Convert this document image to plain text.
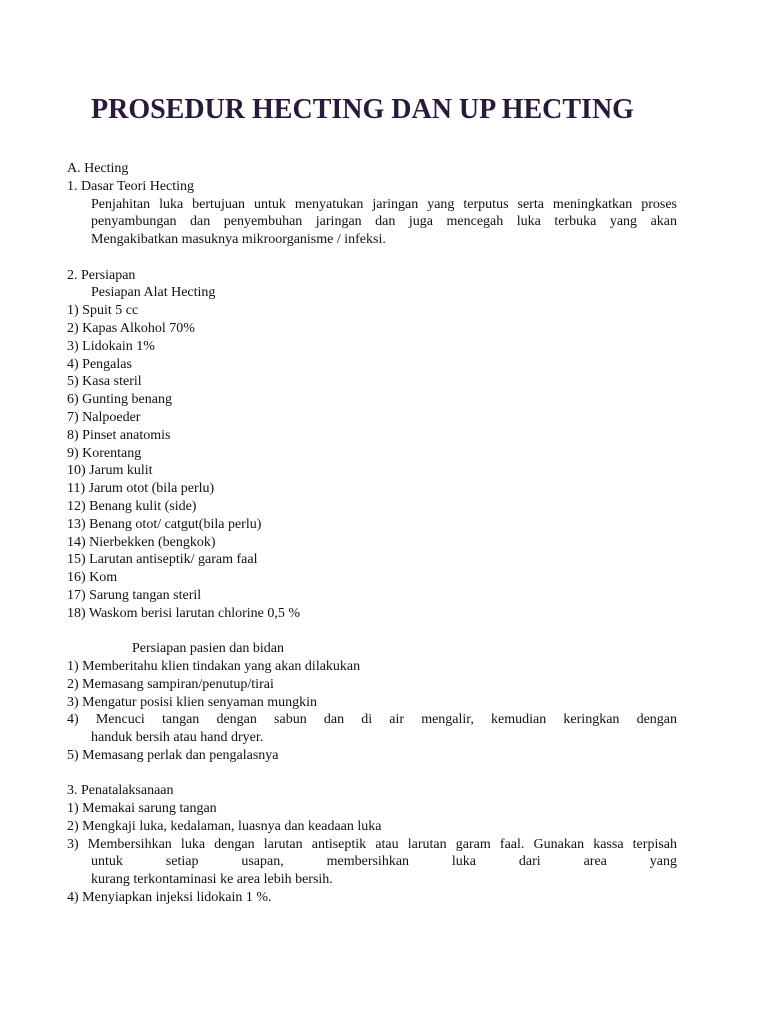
PROSEDUR HECTING DAN UP HECTING
A. Hecting
1. Dasar Teori Hecting
Penjahitan luka bertujuan untuk menyatukan jaringan yang terputus serta meningkatkan proses
penyambungan dan penyembuhan jaringan dan juga mencegah luka terbuka yang akan
Mengakibatkan masuknya mikroorganisme / infeksi.
2. Persiapan
Pesiapan Alat Hecting
1) Spuit 5 cc
2) Kapas Alkohol 70%
3) Lidokain 1%
4) Pengalas
5) Kasa steril
6) Gunting benang
7) Nalpoeder
8) Pinset anatomis
9) Korentang
10) Jarum kulit
11) Jarum otot (bila perlu)
12) Benang kulit (side)
13) Benang otot/ catgut(bila perlu)
14) Nierbekken (bengkok)
15) Larutan antiseptik/ garam faal
16) Kom
17) Sarung tangan steril
18) Waskom berisi larutan chlorine 0,5 %
Persiapan pasien dan bidan
1) Memberitahu klien tindakan yang akan dilakukan
2) Memasang sampiran/penutup/tirai
3) Mengatur posisi klien senyaman mungkin
4) Mencuci tangan dengan sabun dan di air mengalir, kemudian keringkan dengan
handuk bersih atau hand dryer.
5) Memasang perlak dan pengalasnya
3. Penatalaksanaan
1) Memakai sarung tangan
2) Mengkaji luka, kedalaman, luasnya dan keadaan luka
3) Membersihkan luka dengan larutan antiseptik atau larutan garam faal. Gunakan kassa terpisah
untuk setiap usapan, membersihkan luka dari area yang
kurang terkontaminasi ke area lebih bersih.
4) Menyiapkan injeksi lidokain 1 %.
